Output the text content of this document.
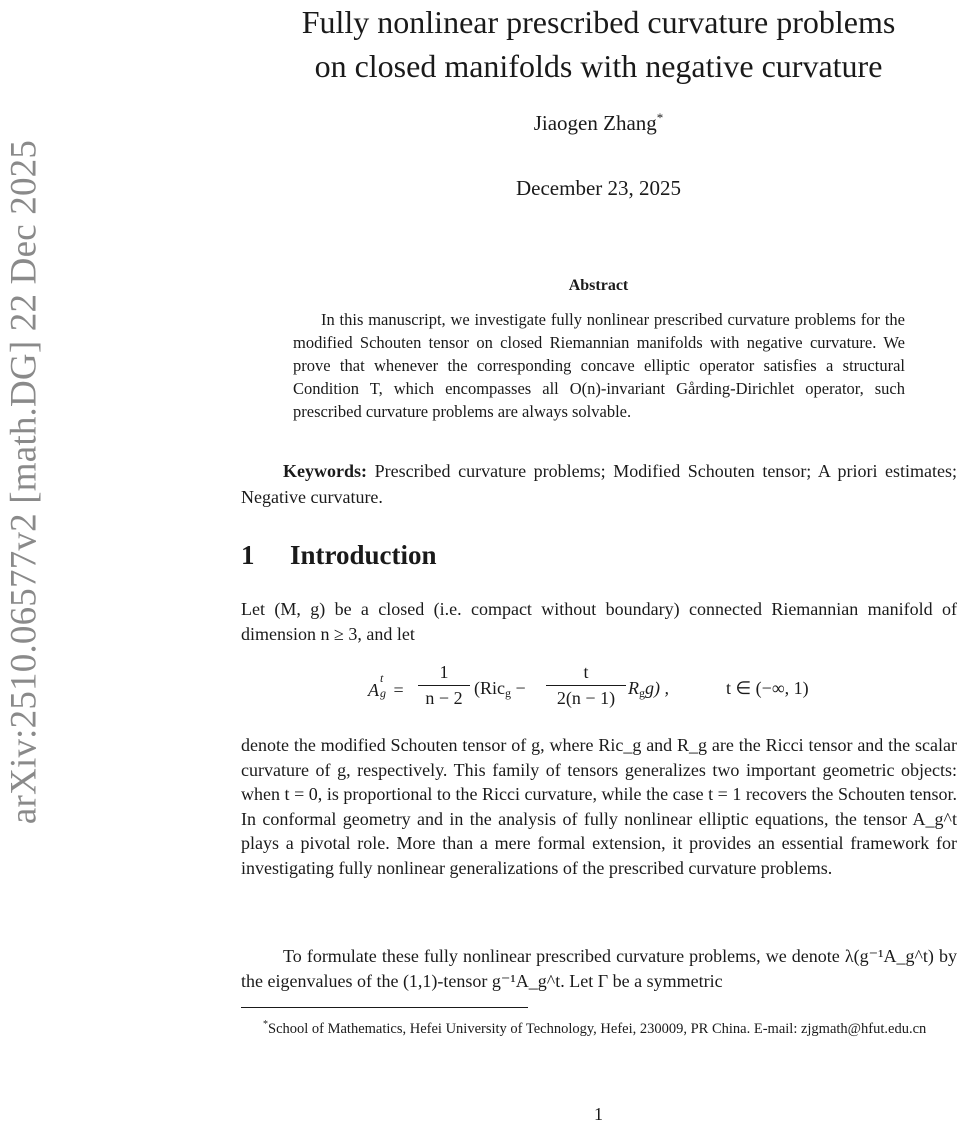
arXiv:2510.06577v2 [math.DG] 22 Dec 2025
Fully nonlinear prescribed curvature problems
on closed manifolds with negative curvature
Jiaogen Zhang*
December 23, 2025
Abstract
In this manuscript, we investigate fully nonlinear prescribed curvature problems for the modified Schouten tensor on closed Riemannian manifolds with negative curvature. We prove that whenever the corresponding concave elliptic operator satisfies a structural Condition T, which encompasses all O(n)-invariant Gårding-Dirichlet operator, such prescribed curvature problems are always solvable.
Keywords: Prescribed curvature problems; Modified Schouten tensor; A priori estimates; Negative curvature.
1 Introduction
Let (M, g) be a closed (i.e. compact without boundary) connected Riemannian manifold of dimension n ≥ 3, and let
A
t
g =
1
n − 2 (Ric$_g$ −
t
2(n − 1) $R_gg$) ,	t ∈ (−∞, 1)
denote the modified Schouten tensor of g, where Ric_g and R_g are the Ricci tensor and the scalar curvature of g, respectively. This family of tensors generalizes two important geometric objects: when t = 0, is proportional to the Ricci curvature, while the case t = 1 recovers the Schouten tensor. In conformal geometry and in the analysis of fully nonlinear elliptic equations, the tensor A_g^t plays a pivotal role. More than a mere formal extension, it provides an essential framework for investigating fully nonlinear generalizations of the prescribed curvature problems.
To formulate these fully nonlinear prescribed curvature problems, we denote λ(g⁻¹A_g^t) by the eigenvalues of the (1,1)-tensor g⁻¹A_g^t. Let Γ be a symmetric
*School of Mathematics, Hefei University of Technology, Hefei, 230009, PR China. E-mail: zjgmath@hfut.edu.cn
1
